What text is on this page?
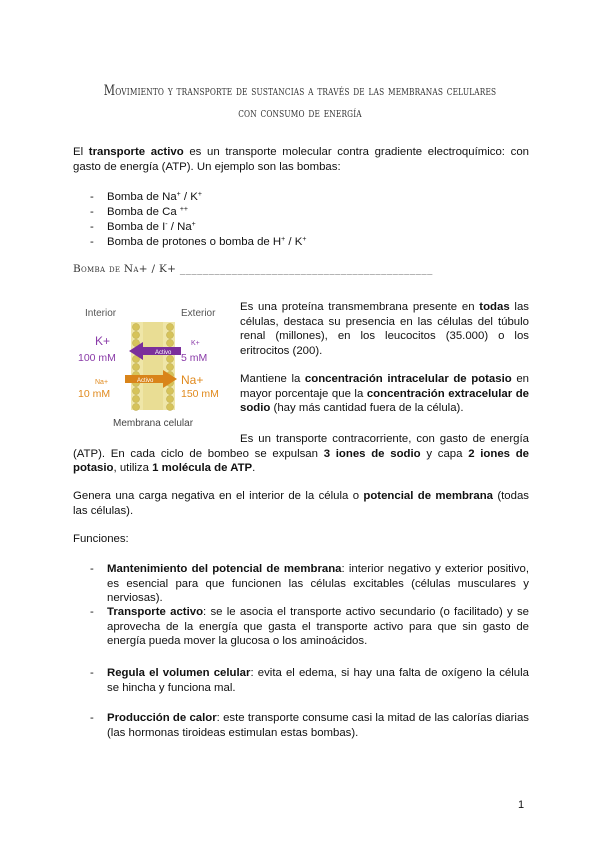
Movimiento y transporte de sustancias a través de las membranas celulares
con consumo de energía
El transporte activo es un transporte molecular contra gradiente electroquímico: con gasto de energía (ATP). Un ejemplo son las bombas:
- Bomba de Na+ / K+
- Bomba de Ca ++
- Bomba de I- / Na+
- Bomba de protones o bomba de H+ / K+
Bomba de Na+ / K+ ____________________________________________
Interior	Exterior
Activo
Activo
K+
100 mM
Na+
10 mM
K+
5 mM
Na+
150 mM
Membrana celular
Es una proteína transmembrana presente en todas las células, destaca su presencia en las células del túbulo renal (millones), en los leucocitos (35.000) o los eritrocitos (200).
Mantiene la concentración intracelular de potasio en mayor porcentaje que la concentración extracelular de sodio (hay más cantidad fuera de la célula).
Es un transporte contracorriente, con gasto de energía (ATP). En cada ciclo de bombeo se expulsan 3 iones de sodio y capa 2 iones de potasio, utiliza 1 molécula de ATP.
Genera una carga negativa en el interior de la célula o potencial de membrana (todas las células).
Funciones:
- Mantenimiento del potencial de membrana: interior negativo y exterior positivo, es esencial para que funcionen las células excitables (células musculares y nerviosas).
- Transporte activo: se le asocia el transporte activo secundario (o facilitado) y se aprovecha de la energía que gasta el transporte activo para que sin gasto de energía pueda mover la glucosa o los aminoácidos.
- Regula el volumen celular: evita el edema, si hay una falta de oxígeno la célula se hincha y funciona mal.
- Producción de calor: este transporte consume casi la mitad de las calorías diarias (las hormonas tiroideas estimulan estas bombas).
1
